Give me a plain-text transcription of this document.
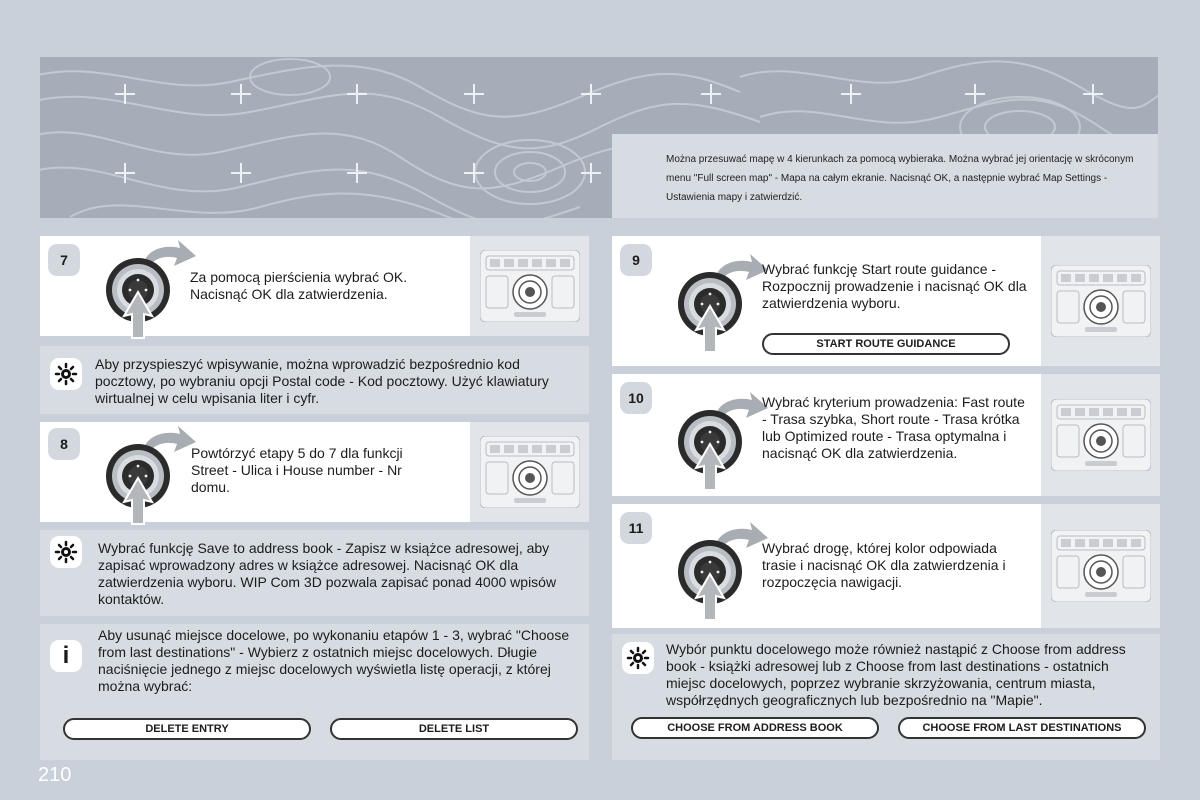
Można przesuwać mapę w 4 kierunkach za pomocą wybieraka. Można wybrać jej orientację w skróconym menu "Full screen map" - Mapa na całym ekranie. Nacisnąć OK, a następnie wybrać Map Settings - Ustawienia mapy i zatwierdzić.
7
Za pomocą pierścienia wybrać OK. Nacisnąć OK dla zatwierdzenia.
Aby przyspieszyć wpisywanie, można wprowadzić bezpośrednio kod pocztowy, po wybraniu opcji Postal code - Kod pocztowy. Użyć klawiatury wirtualnej w celu wpisania liter i cyfr.
8
Powtórzyć etapy 5 do 7 dla funkcji Street - Ulica i House number - Nr domu.
Wybrać funkcję Save to address book - Zapisz w książce adresowej, aby zapisać wprowadzony adres w książce adresowej. Nacisnąć OK dla zatwierdzenia wyboru. WIP Com 3D pozwala zapisać ponad 4000 wpisów kontaktów.
i
Aby usunąć miejsce docelowe, po wykonaniu etapów 1 - 3, wybrać "Choose from last destinations" - Wybierz z ostatnich miejsc docelowych. Długie naciśnięcie jednego z miejsc docelowych wyświetla listę operacji, z której można wybrać:
DELETE ENTRY	DELETE LIST
9
Wybrać funkcję Start route guidance - Rozpocznij prowadzenie i nacisnąć OK dla zatwierdzenia wyboru.
START ROUTE GUIDANCE
10	Wybrać kryterium prowadzenia: Fast route - Trasa szybka, Short route - Trasa krótka lub Optimized route - Trasa optymalna i nacisnąć OK dla zatwierdzenia.
11
Wybrać drogę, której kolor odpowiada trasie i nacisnąć OK dla zatwierdzenia i rozpoczęcia nawigacji.
Wybór punktu docelowego może również nastąpić z Choose from address book - książki adresowej lub z Choose from last destinations - ostatnich miejsc docelowych, poprzez wybranie skrzyżowania, centrum miasta, współrzędnych geograficznych lub bezpośrednio na "Mapie".
CHOOSE FROM ADDRESS BOOK	CHOOSE FROM LAST DESTINATIONS
210
